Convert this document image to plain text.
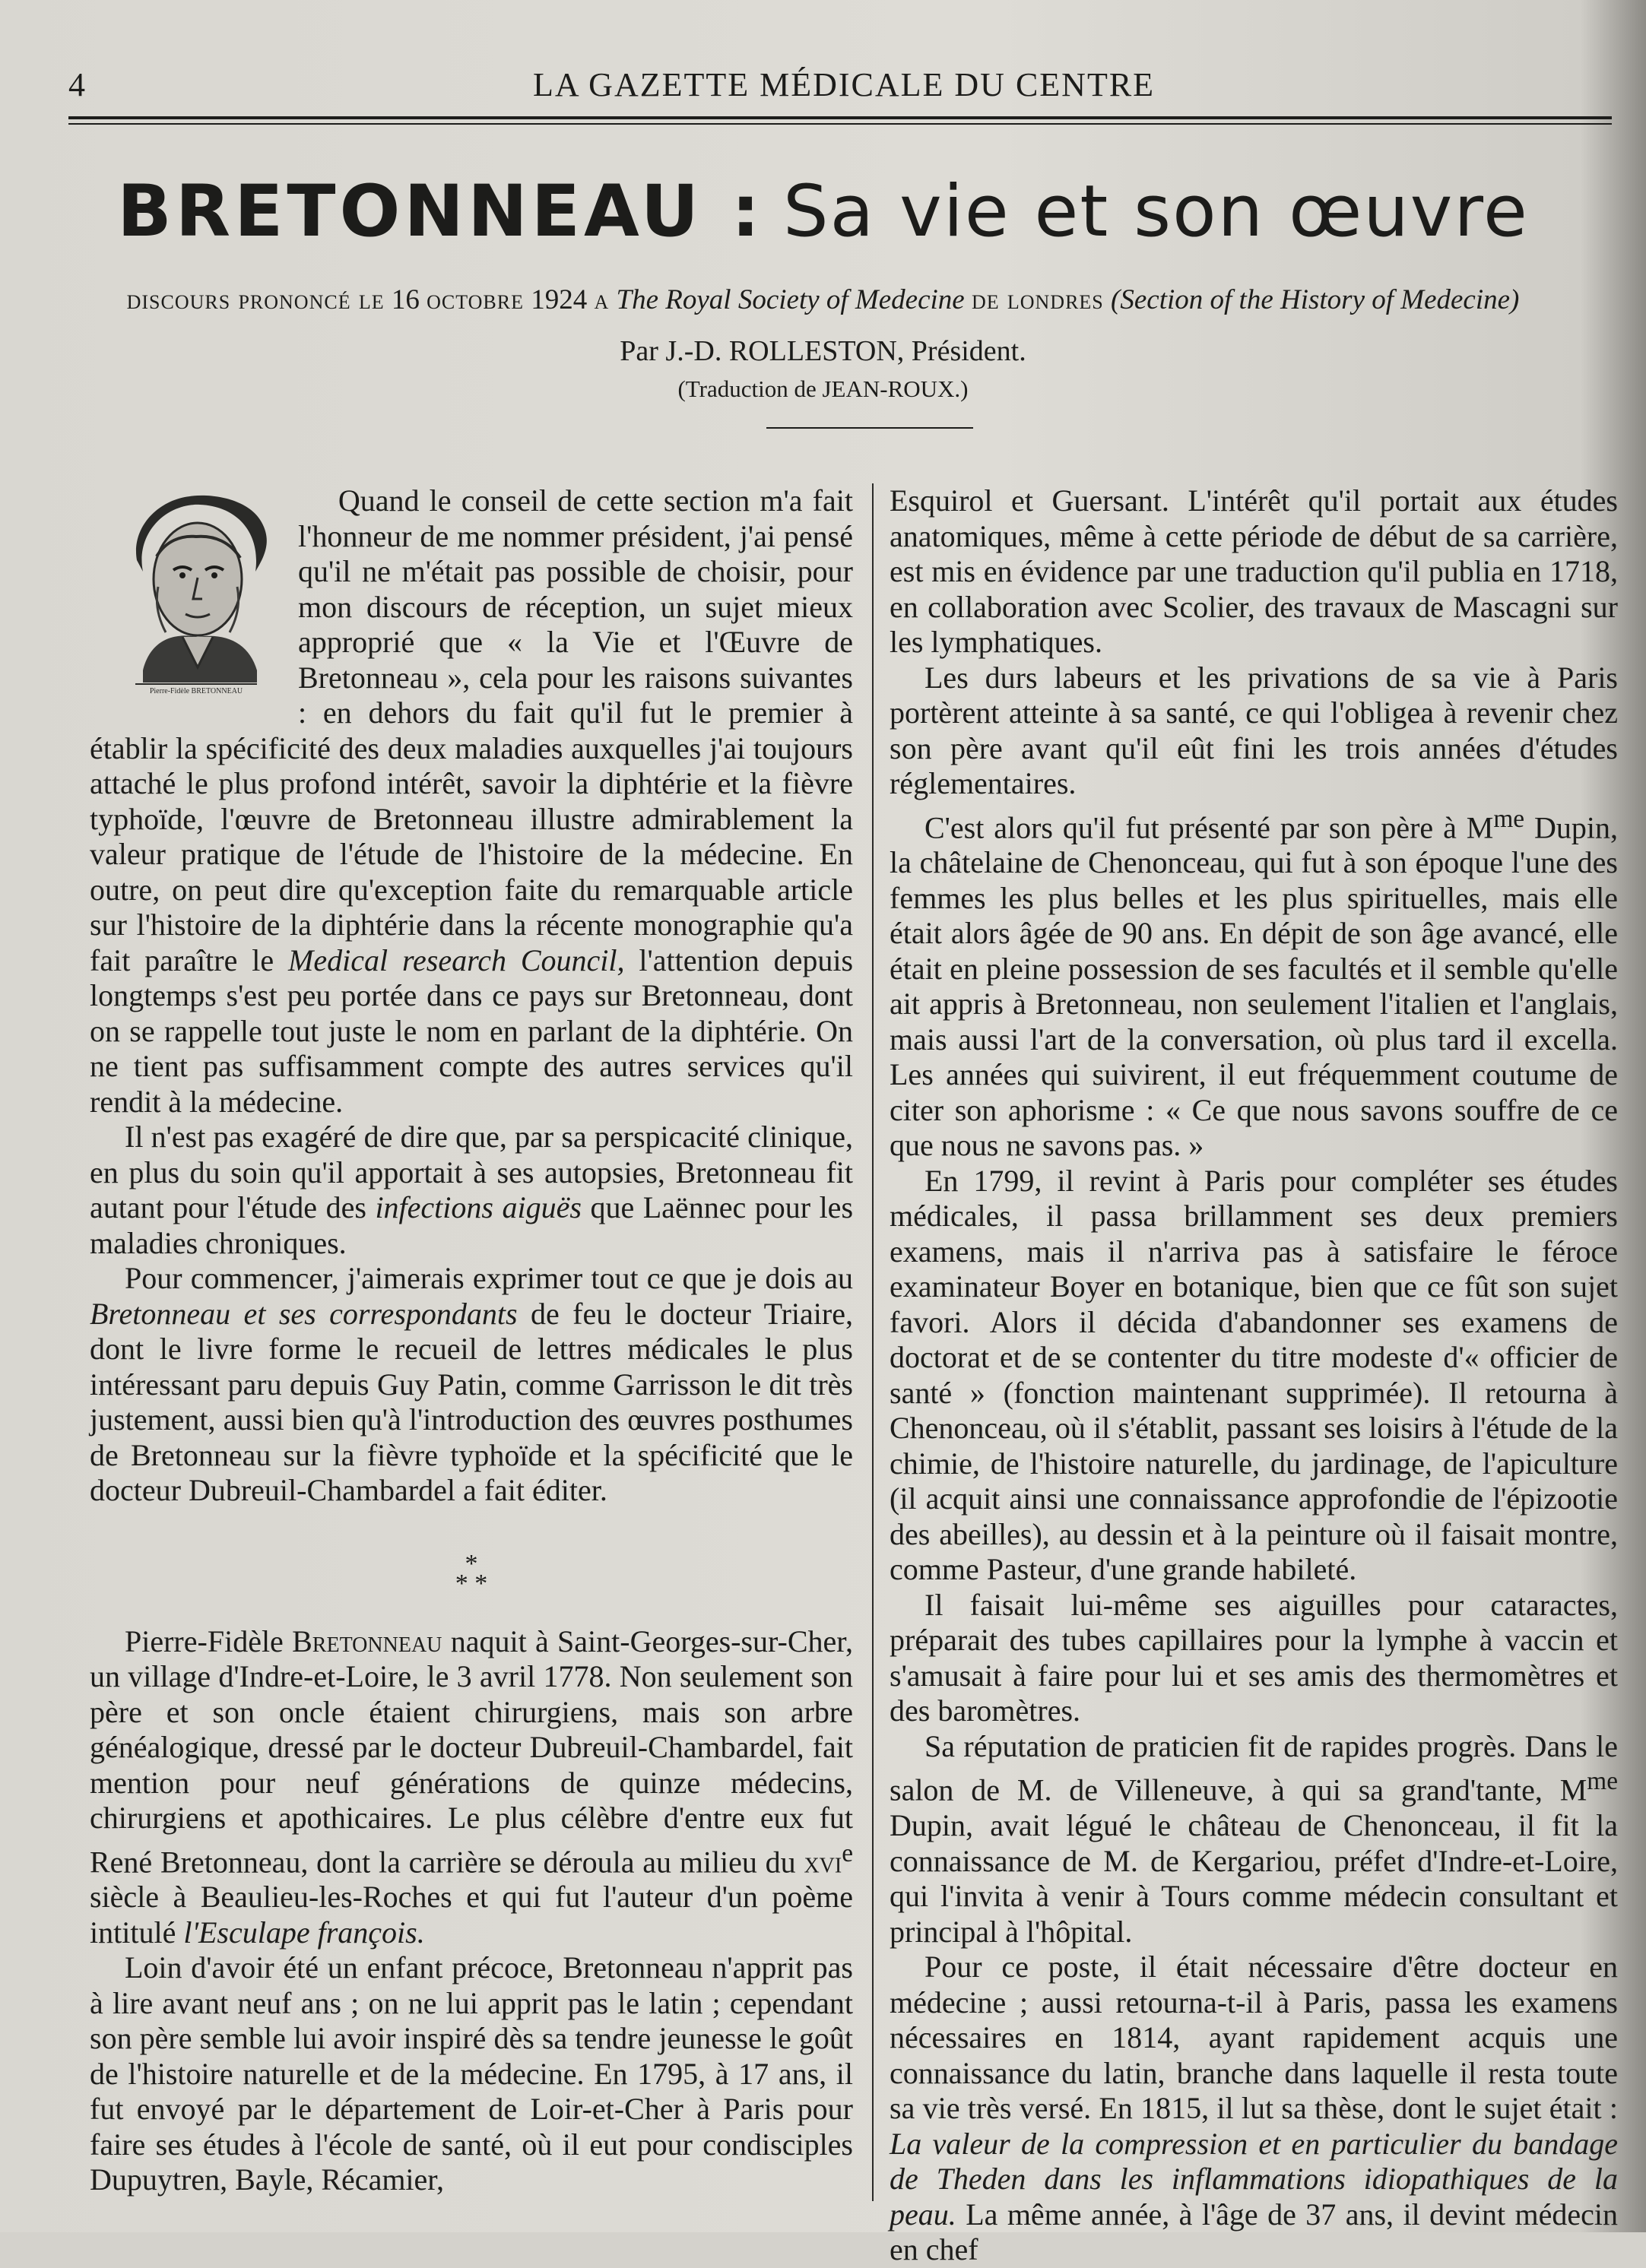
4	LA GAZETTE MÉDICALE DU CENTRE
BRETONNEAU : Sa vie et son œuvre
discours prononcé le 16 octobre 1924 a The Royal Society of Medecine de londres (Section of the History of Medecine)
Par J.-D. ROLLESTON, Président.
(Traduction de JEAN-ROUX.)
Pierre-Fidèle BRETONNEAU

Quand le conseil de cette section m'a fait l'honneur de me nommer président, j'ai pensé qu'il ne m'était pas possible de choisir, pour mon discours de réception, un sujet mieux approprié que « la Vie et l'Œuvre de Bretonneau », cela pour les raisons suivantes : en dehors du fait qu'il fut le premier à établir la spécificité des deux maladies auxquelles j'ai toujours attaché le plus profond intérêt, savoir la diphtérie et la fièvre typhoïde, l'œuvre de Bretonneau illustre admirablement la valeur pratique de l'étude de l'histoire de la médecine. En outre, on peut dire qu'exception faite du remarquable article sur l'histoire de la diphtérie dans la récente monographie qu'a fait paraître le Medical research Council, l'attention depuis longtemps s'est peu portée dans ce pays sur Bretonneau, dont on se rappelle tout juste le nom en parlant de la diphtérie. On ne tient pas suffisamment compte des autres services qu'il rendit à la médecine.

Il n'est pas exagéré de dire que, par sa perspicacité clinique, en plus du soin qu'il apportait à ses autopsies, Bretonneau fit autant pour l'étude des infections aiguës que Laënnec pour les maladies chroniques.

Pour commencer, j'aimerais exprimer tout ce que je dois au Bretonneau et ses correspondants de feu le docteur Triaire, dont le livre forme le recueil de lettres médicales le plus intéressant paru depuis Guy Patin, comme Garrisson le dit très justement, aussi bien qu'à l'introduction des œuvres posthumes de Bretonneau sur la fièvre typhoïde et la spécificité que le docteur Dubreuil-Chambardel a fait éditer.

*
* *

Pierre-Fidèle Bretonneau naquit à Saint-Georges-sur-Cher, un village d'Indre-et-Loire, le 3 avril 1778. Non seulement son père et son oncle étaient chirurgiens, mais son arbre généalogique, dressé par le docteur Dubreuil-Chambardel, fait mention pour neuf générations de quinze médecins, chirurgiens et apothicaires. Le plus célèbre d'entre eux fut René Bretonneau, dont la carrière se déroula au milieu du xvi$^e$ siècle à Beaulieu-les-Roches et qui fut l'auteur d'un poème intitulé l'Esculape françois.

Loin d'avoir été un enfant précoce, Bretonneau n'apprit pas à lire avant neuf ans ; on ne lui apprit pas le latin ; cependant son père semble lui avoir inspiré dès sa tendre jeunesse le goût de l'histoire naturelle et de la médecine. En 1795, à 17 ans, il fut envoyé par le département de Loir-et-Cher à Paris pour faire ses études à l'école de santé, où il eut pour condisciples Dupuytren, Bayle, Récamier,

Esquirol et Guersant. L'intérêt qu'il portait aux études anatomiques, même à cette période de début de sa carrière, est mis en évidence par une traduction qu'il publia en 1718, en collaboration avec Scolier, des travaux de Mascagni sur les lymphatiques.

Les durs labeurs et les privations de sa vie à Paris portèrent atteinte à sa santé, ce qui l'obligea à revenir chez son père avant qu'il eût fini les trois années d'études réglementaires.

C'est alors qu'il fut présenté par son père à $M^{me}$ Dupin, la châtelaine de Chenonceau, qui fut à son époque l'une des femmes les plus belles et les plus spirituelles, mais elle était alors âgée de 90 ans. En dépit de son âge avancé, elle était en pleine possession de ses facultés et il semble qu'elle ait appris à Bretonneau, non seulement l'italien et l'anglais, mais aussi l'art de la conversation, où plus tard il excella. Les années qui suivirent, il eut fréquemment coutume de citer son aphorisme : « Ce que nous savons souffre de ce que nous ne savons pas. »

En 1799, il revint à Paris pour compléter ses études médicales, il passa brillamment ses deux premiers examens, mais il n'arriva pas à satisfaire le féroce examinateur Boyer en botanique, bien que ce fût son sujet favori. Alors il décida d'abandonner ses examens de doctorat et de se contenter du titre modeste d'« officier de santé » (fonction maintenant supprimée). Il retourna à Chenonceau, où il s'établit, passant ses loisirs à l'étude de la chimie, de l'histoire naturelle, du jardinage, de l'apiculture (il acquit ainsi une connaissance approfondie de l'épizootie des abeilles), au dessin et à la peinture où il faisait montre, comme Pasteur, d'une grande habileté.

Il faisait lui-même ses aiguilles pour cataractes, préparait des tubes capillaires pour la lymphe à vaccin et s'amusait à faire pour lui et ses amis des thermomètres et des baromètres.

Sa réputation de praticien fit de rapides progrès. Dans le salon de M. de Villeneuve, à qui sa grand'tante, $M^{me}$ Dupin, avait légué le château de Chenonceau, il fit la connaissance de M. de Kergariou, préfet d'Indre-et-Loire, qui l'invita à venir à Tours comme médecin consultant et principal à l'hôpital.

Pour ce poste, il était nécessaire d'être docteur en médecine ; aussi retourna-t-il à Paris, passa les examens nécessaires en 1814, ayant rapidement acquis une connaissance du latin, branche dans laquelle il resta toute sa vie très versé. En 1815, il lut sa thèse, dont le sujet était : La valeur de la compression et en particulier du bandage de Theden dans les inflammations idiopathiques de la peau. La même année, à l'âge de 37 ans, il devint médecin en chef
